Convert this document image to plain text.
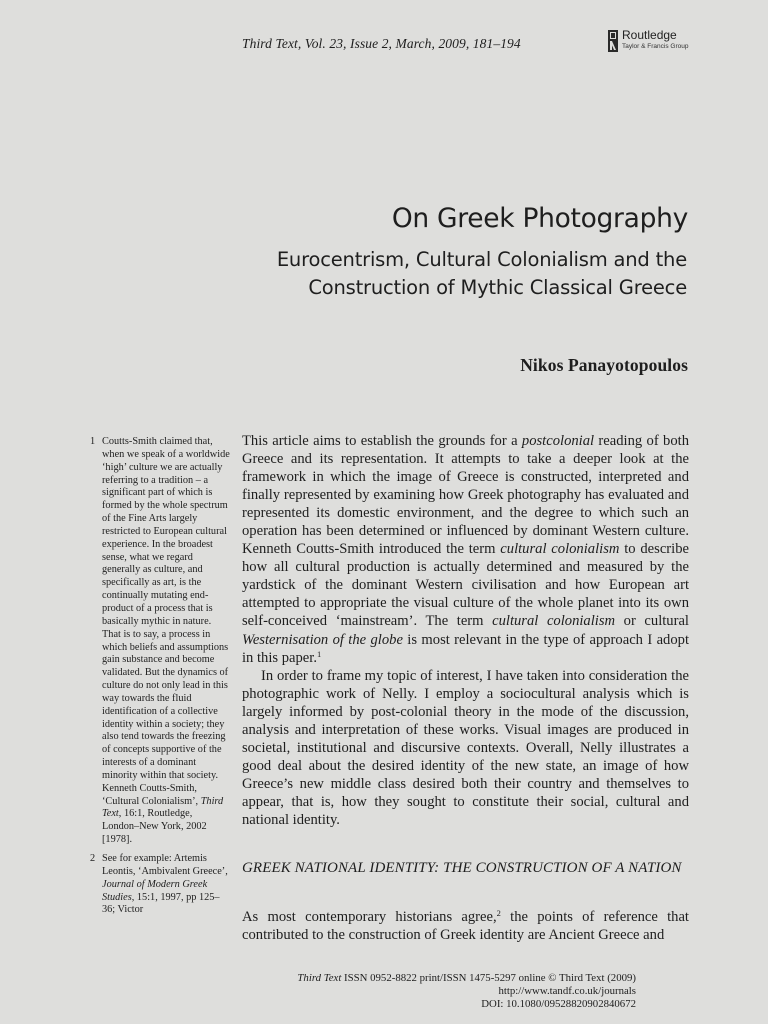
Third Text, Vol. 23, Issue 2, March, 2009, 181–194
Routledge
Taylor & Francis Group
On Greek Photography
Eurocentrism, Cultural Colonialism and the Construction of Mythic Classical Greece
Nikos Panayotopoulos
1 Coutts-Smith claimed that, when we speak of a worldwide ‘high’ culture we are actually referring to a tradition – a significant part of which is formed by the whole spectrum of the Fine Arts largely restricted to European cultural experience. In the broadest sense, what we regard generally as culture, and specifically as art, is the continually mutating end-product of a process that is basically mythic in nature. That is to say, a process in which beliefs and assumptions gain substance and become validated. But the dynamics of culture do not only lead in this way towards the fluid identification of a collective identity within a society; they also tend towards the freezing of concepts supportive of the interests of a dominant minority within that society. Kenneth Coutts-Smith, ‘Cultural Colonialism’, Third Text, 16:1, Routledge, London–New York, 2002 [1978].
2 See for example: Artemis Leontis, ‘Ambivalent Greece’, Journal of Modern Greek Studies, 15:1, 1997, pp 125–36; Victor

This article aims to establish the grounds for a postcolonial reading of both Greece and its representation. It attempts to take a deeper look at the framework in which the image of Greece is constructed, interpreted and finally represented by examining how Greek photography has evaluated and represented its domestic environment, and the degree to which such an operation has been determined or influenced by dominant Western culture. Kenneth Coutts-Smith introduced the term cultural colonialism to describe how all cultural production is actually determined and measured by the yardstick of the dominant Western civilisation and how European art attempted to appropriate the visual culture of the whole planet into its own self-conceived ‘mainstream’. The term cultural colonialism or cultural Westernisation of the globe is most relevant in the type of approach I adopt in this paper.$^1$

In order to frame my topic of interest, I have taken into consideration the photographic work of Nelly. I employ a sociocultural analysis which is largely informed by post-colonial theory in the mode of the discussion, analysis and interpretation of these works. Visual images are produced in societal, institutional and discursive contexts. Overall, Nelly illustrates a good deal about the desired identity of the new state, an image of how Greece’s new middle class desired both their country and themselves to appear, that is, how they sought to constitute their social, cultural and national identity.

GREEK NATIONAL IDENTITY: THE CONSTRUCTION OF A NATION

As most contemporary historians agree,$^2$ the points of reference that contributed to the construction of Greek identity are Ancient Greece and

Third Text ISSN 0952-8822 print/ISSN 1475-5297 online © Third Text (2009)
http://www.tandf.co.uk/journals
DOI: 10.1080/09528820902840672
